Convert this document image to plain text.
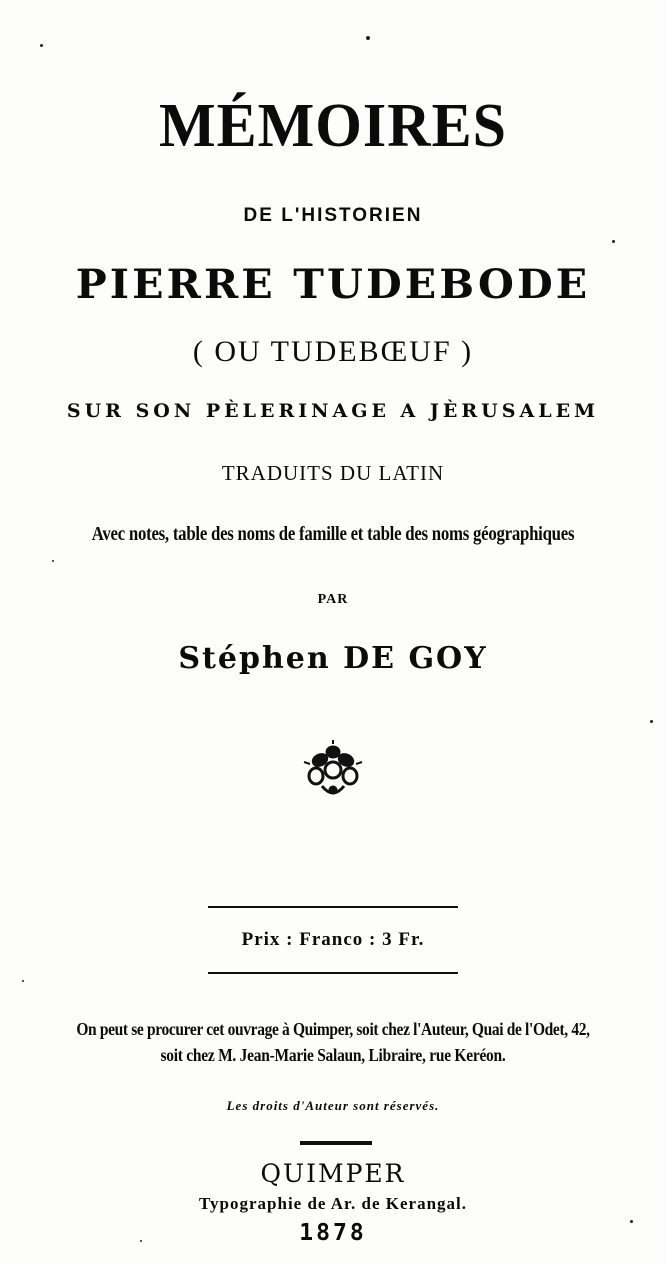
MÉMOIRES
DE L'HISTORIEN
PIERRE TUDEBODE
( OU TUDEBŒUF )
SUR SON PÈLERINAGE A JÈRUSALEM
TRADUITS DU LATIN
Avec notes, table des noms de famille et table des noms géographiques
PAR
Stéphen DE GOY
Prix : Franco : 3 Fr.
On peut se procurer cet ouvrage à Quimper, soit chez l'Auteur, Quai de l'Odet, 42,
soit chez M. Jean-Marie Salaun, Libraire, rue Keréon.
Les droits d'Auteur sont réservés.
QUIMPER
Typographie de Ar. de Kerangal.
1878
